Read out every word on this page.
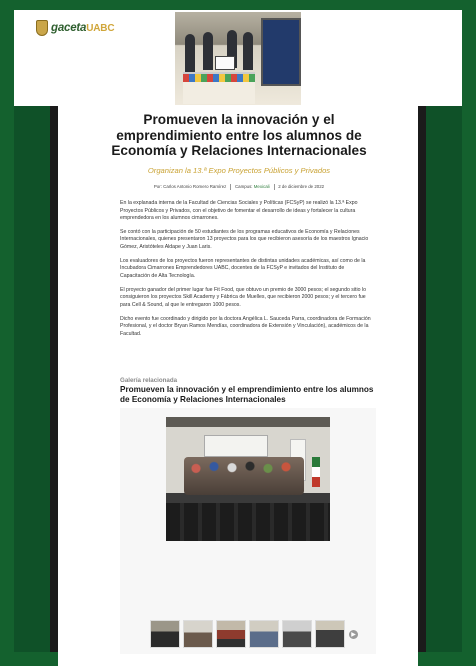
gacetaUABC
Promueven la innovación y el emprendimiento entre los alumnos de Economía y Relaciones Internacionales
Organizan la 13.ª Expo Proyectos Públicos y Privados
Por: Carlos Antonio Romero Ramírez Campus: Mexicali 2 de diciembre de 2022

En la explanada interna de la Facultad de Ciencias Sociales y Políticas (FCSyP) se realizó la 13.ª Expo Proyectos Públicos y Privados, con el objetivo de fomentar el desarrollo de ideas y fortalecer la cultura emprendedora en los alumnos cimarrones.

Se contó con la participación de 50 estudiantes de los programas educativos de Economía y Relaciones Internacionales, quienes presentaron 13 proyectos para los que recibieron asesoría de los maestros Ignacio Gómez, Aristóteles Aldape y Juan Laris.

Los evaluadores de los proyectos fueron representantes de distintas unidades académicas, así como de la Incubadora Cimarrones Emprendedores UABC, docentes de la FCSyP e invitados del Instituto de Capacitación de Alta Tecnología.

El proyecto ganador del primer lugar fue Fit Food, que obtuvo un premio de 3000 pesos; el segundo sitio lo consiguieron los proyectos Skill Academy y Fábrica de Muelles, que recibieron 2000 pesos; y el tercero fue para Cell & Sound, al que le entregaron 1000 pesos.

Dicho evento fue coordinado y dirigido por la doctora Angélica L. Sauceda Parra, coordinadora de Formación Profesional, y el doctor Bryan Ramos Mendías, coordinadora de Extensión y Vinculación), académicos de la Facultad.

Galería relacionada
Promueven la innovación y el emprendimiento entre los alumnos de Economía y Relaciones Internacionales
▶
